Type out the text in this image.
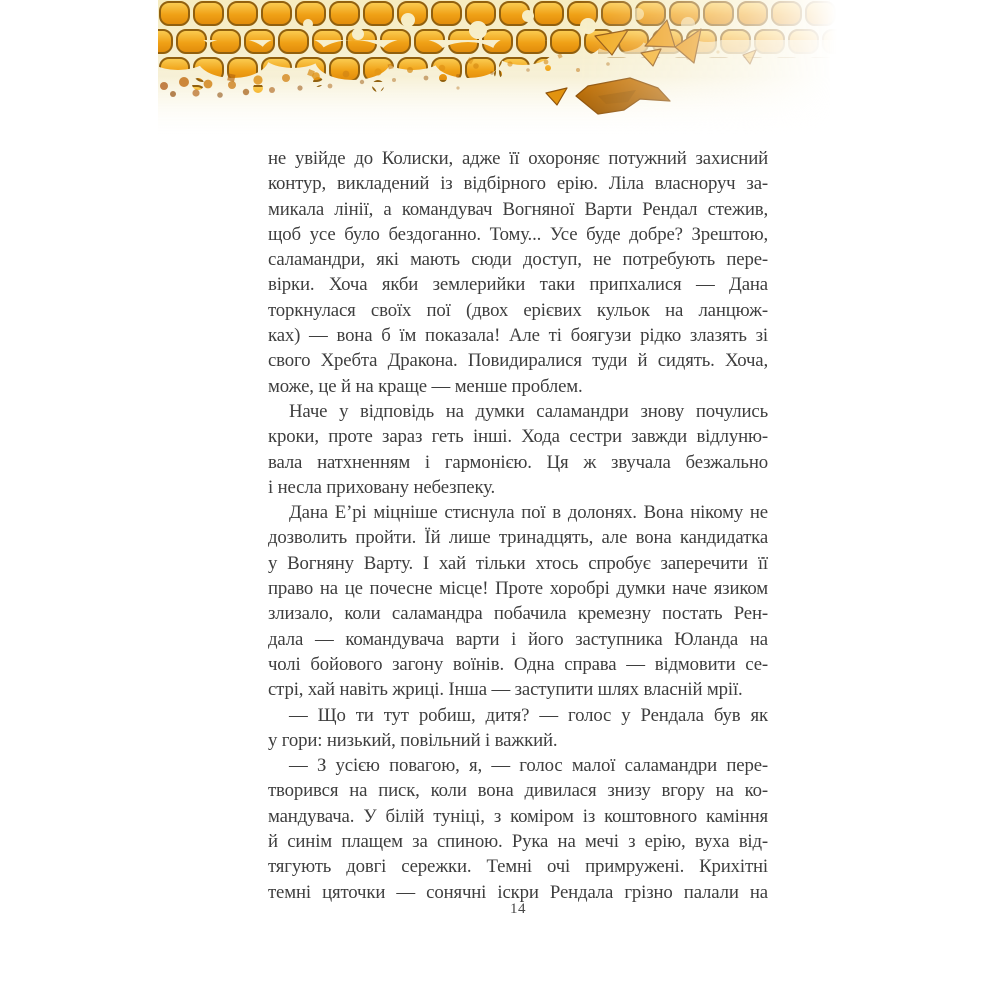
не увійде до Колиски, адже її охороняє потужний захисний
контур, викладений із відбірного ерію. Ліла власноруч за-
микала лінії, а командувач Вогняної Варти Рендал стежив,
щоб усе було бездоганно. Тому... Усе буде добре? Зрештою,
саламандри, які мають сюди доступ, не потребують пере-
вірки. Хоча якби землерийки таки припхалися — Дана
торкнулася своїх пої (двох ерієвих кульок на ланцюж-
ках) — вона б їм показала! Але ті боягузи рідко злазять зі
свого Хребта Дракона. Повидиралися туди й сидять. Хоча,
може, це й на краще — менше проблем.

Наче у відповідь на думки саламандри знову почулись
кроки, проте зараз геть інші. Хода сестри завжди відлуню-
вала натхненням і гармонією. Ця ж звучала безжально
і несла приховану небезпеку.

Дана Е’рі міцніше стиснула пої в долонях. Вона нікому не
дозволить пройти. Їй лише тринадцять, але вона кандидатка
у Вогняну Варту. І хай тільки хтось спробує заперечити її
право на це почесне місце! Проте хоробрі думки наче язиком
злизало, коли саламандра побачила кремезну постать Рен-
дала — командувача варти і його заступника Юланда на
чолі бойового загону воїнів. Одна справа — відмовити се-
стрі, хай навіть жриці. Інша — заступити шлях власній мрії.

— Що ти тут робиш, дитя? — голос у Рендала був як
у гори: низький, повільний і важкий.

— З усією повагою, я, — голос малої саламандри пере-
творився на писк, коли вона дивилася знизу вгору на ко-
мандувача. У білій туніці, з коміром із коштовного каміння
й синім плащем за спиною. Рука на мечі з ерію, вуха від-
тягують довгі сережки. Темні очі примружені. Крихітні
темні цяточки — сонячні іскри Рендала грізно палали на

14
